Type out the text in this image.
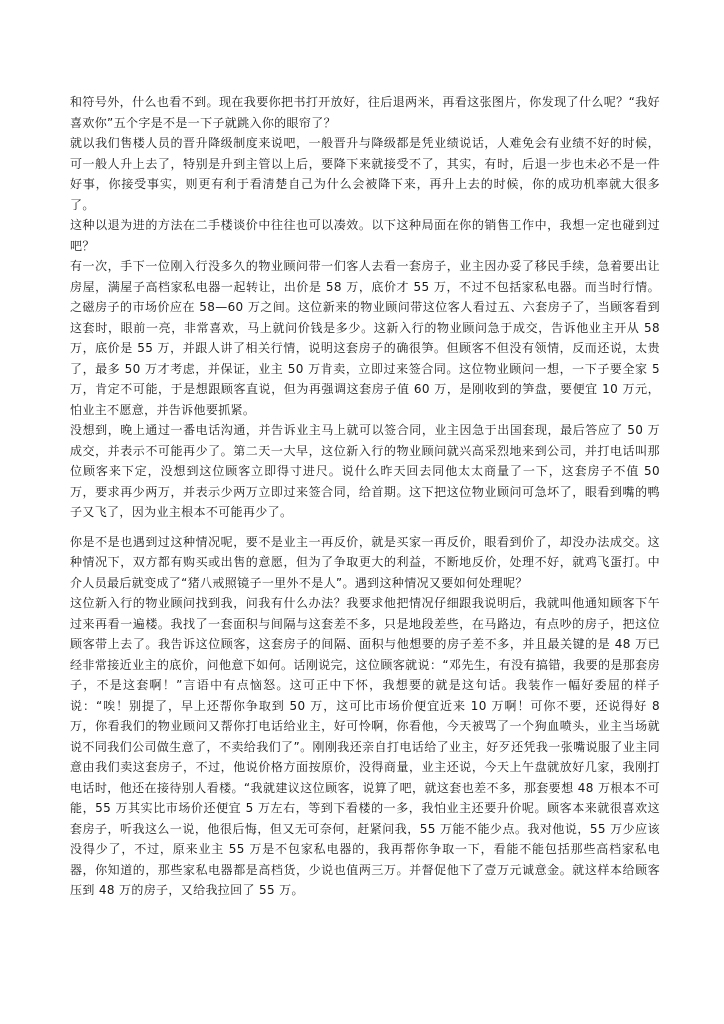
和符号外，什么也看不到。现在我要你把书打开放好，往后退两米，再看这张图片，你发现了什么呢？“我好喜欢你”五个字是不是一下子就跳入你的眼帘了？

就以我们售楼人员的晋升降级制度来说吧，一般晋升与降级都是凭业绩说话，人难免会有业绩不好的时候，可一般人升上去了，特别是升到主管以上后，要降下来就接受不了，其实，有时，后退一步也未必不是一件好事，你接受事实，则更有利于看清楚自己为什么会被降下来，再升上去的时候，你的成功机率就大很多了。

这种以退为进的方法在二手楼谈价中往往也可以凑效。以下这种局面在你的销售工作中，我想一定也碰到过吧？

有一次，手下一位刚入行没多久的物业顾问带一们客人去看一套房子，业主因办妥了移民手续，急着要出让房屋，满屋子高档家私电器一起转让，出价是 58 万，底价才 55 万，不过不包括家私电器。而当时行情。之磁房子的市场价应在 58—60 万之间。这位新来的物业顾问带这位客人看过五、六套房子了，当顾客看到这套时，眼前一亮，非常喜欢，马上就问价钱是多少。这新入行的物业顾问急于成交，告诉他业主开从 58 万，底价是 55 万，并跟人讲了相关行情，说明这套房子的确很笋。但顾客不但没有领情，反而还说，太贵了，最多 50 万才考虑，并保证，业主 50 万肯卖，立即过来签合同。这位物业顾问一想，一下子要全家 5 万，肯定不可能，于是想跟顾客直说，但为再强调这套房子值 60 万，是刚收到的笋盘，要便宜 10 万元，怕业主不愿意，并告诉他要抓紧。

没想到，晚上通过一番电话沟通，并告诉业主马上就可以签合同，业主因急于出国套现，最后答应了 50 万成交，并表示不可能再少了。第二天一大早，这位新入行的物业顾问就兴高采烈地来到公司，并打电话叫那位顾客来下定，没想到这位顾客立即得寸进尺。说什么昨天回去同他太太商量了一下，这套房子不值 50 万，要求再少两万，并表示少两万立即过来签合同，给首期。这下把这位物业顾问可急坏了，眼看到嘴的鸭子又飞了，因为业主根本不可能再少了。

你是不是也遇到过这种情况呢，要不是业主一再反价，就是买家一再反价，眼看到价了，却没办法成交。这种情况下，双方都有购买或出售的意愿，但为了争取更大的利益，不断地反价，处理不好，就鸡飞蛋打。中介人员最后就变成了“猪八戒照镜子一里外不是人”。遇到这种情况又要如何处理呢？

这位新入行的物业顾问找到我，问我有什么办法？我要求他把情况仔细跟我说明后，我就叫他通知顾客下午过来再看一遍楼。我找了一套面积与间隔与这套差不多，只是地段差些，在马路边，有点吵的房子，把这位顾客带上去了。我告诉这位顾客，这套房子的间隔、面积与他想要的房子差不多，并且最关键的是 48 万已经非常接近业主的底价，问他意下如何。话刚说完，这位顾客就说：“邓先生，有没有搞错，我要的是那套房子，不是这套啊！”言语中有点恼怒。这可正中下怀，我想要的就是这句话。我装作一幅好委屈的样子说：“唉！别提了，早上还帮你争取到 50 万，这可比市场价便宜近来 10 万啊！可你不要，还说得好 8 万，你看我们的物业顾问又帮你打电话给业主，好可怜啊，你看他，今天被骂了一个狗血喷头，业主当场就说不同我们公司做生意了，不卖给我们了”。刚刚我还亲自打电话给了业主，好歹还凭我一张嘴说服了业主同意由我们卖这套房子，不过，他说价格方面按原价，没得商量，业主还说，今天上午盘就放好几家，我刚打电话时，他还在接待别人看楼。“我就建议这位顾客，说算了吧，就这套也差不多，那套要想 48 万根本不可能，55 万其实比市场价还便宜 5 万左右，等到下看楼的一多，我怕业主还要升价呢。顾客本来就很喜欢这套房子，听我这么一说，他很后悔，但又无可奈何，赶紧问我，55 万能不能少点。我对他说，55 万少应该没得少了，不过，原来业主 55 万是不包家私电器的，我再帮你争取一下，看能不能包括那些高档家私电器，你知道的，那些家私电器都是高档货，少说也值两三万。并督促他下了壹万元诚意金。就这样本给顾客压到 48 万的房子，又给我拉回了 55 万。
